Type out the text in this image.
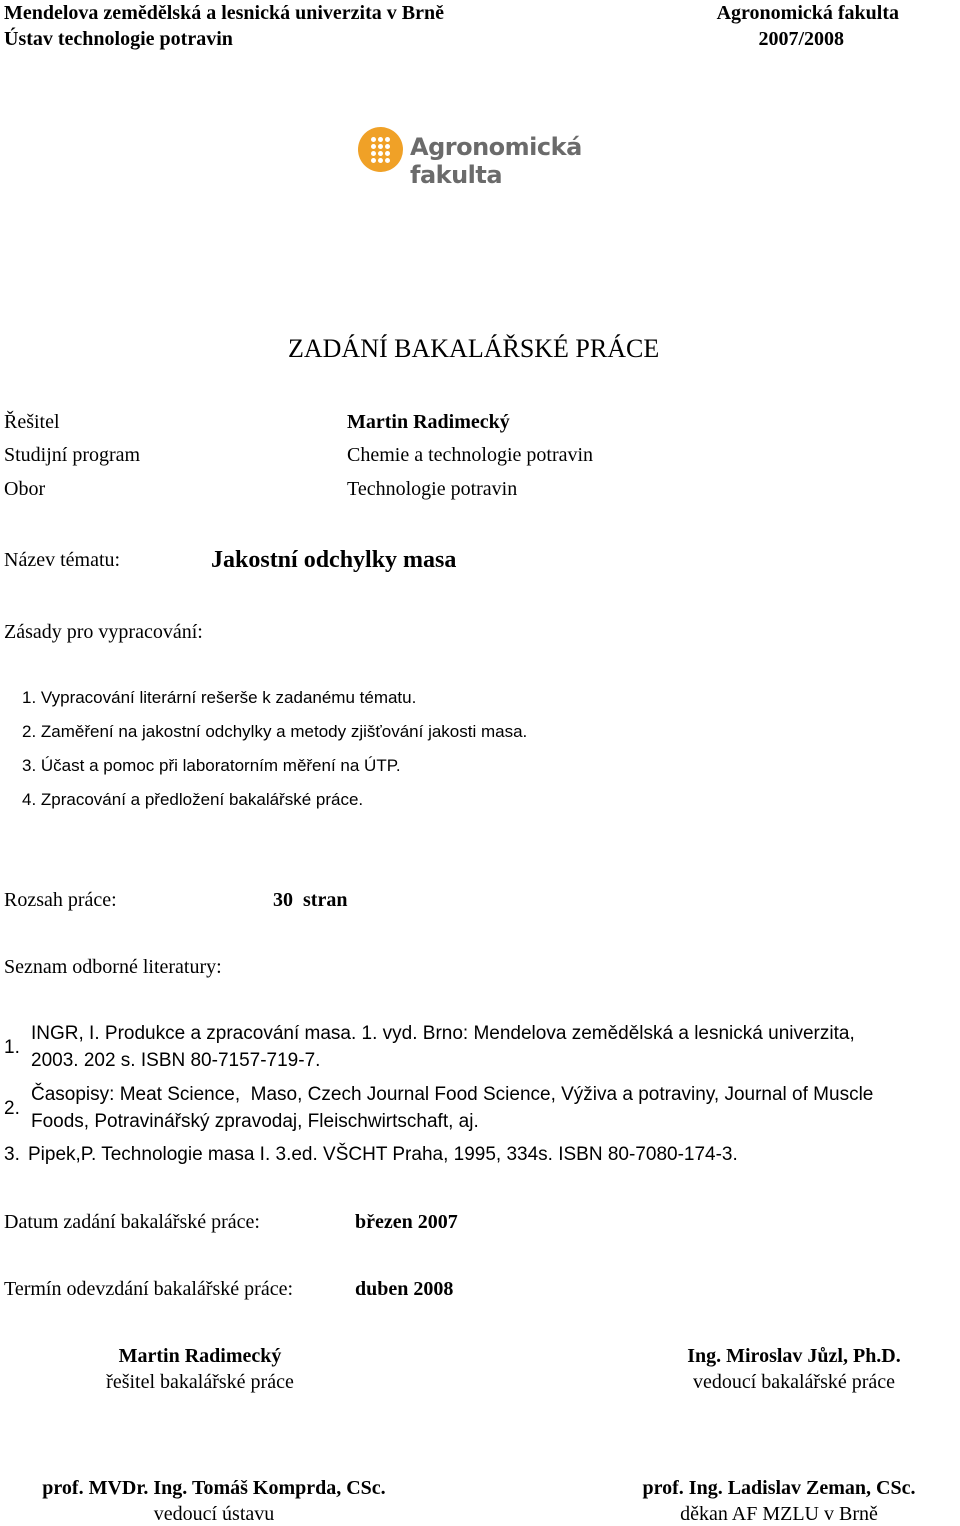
Mendelova zemědělská a lesnická univerzita v Brně	Agronomická fakulta
Ústav technologie potravin	2007/2008
Agronomická
fakulta
ZADÁNÍ BAKALÁŘSKÉ PRÁCE
Řešitel	Martin Radimecký
Studijní program	Chemie a technologie potravin
Obor	Technologie potravin
Název tématu:	Jakostní odchylky masa
Zásady pro vypracování:
1. Vypracování literární rešerše k zadanému tématu.
2. Zaměření na jakostní odchylky a metody zjišťování jakosti masa.
3. Účast a pomoc při laboratorním měření na ÚTP.
4. Zpracování a předložení bakalářské práce.
Rozsah práce:	30  stran
Seznam odborné literatury:
1.
INGR, I. Produkce a zpracování masa. 1. vyd. Brno: Mendelova zemědělská a lesnická univerzita,
2003. 202 s. ISBN 80-7157-719-7.
2.
Časopisy: Meat Science,  Maso, Czech Journal Food Science, Výživa a potraviny, Journal of Muscle
Foods, Potravinářský zpravodaj, Fleischwirtschaft, aj.
3. Pipek,P. Technologie masa I. 3.ed. VŠCHT Praha, 1995, 334s. ISBN 80-7080-174-3.
Datum zadání bakalářské práce:	březen 2007
Termín odevzdání bakalářské práce:	duben 2008
Martin Radimecký
řešitel bakalářské práce
Ing. Miroslav Jůzl, Ph.D.
vedoucí bakalářské práce
prof. MVDr. Ing. Tomáš Komprda, CSc.
vedoucí ústavu
prof. Ing. Ladislav Zeman, CSc.
děkan AF MZLU v Brně
